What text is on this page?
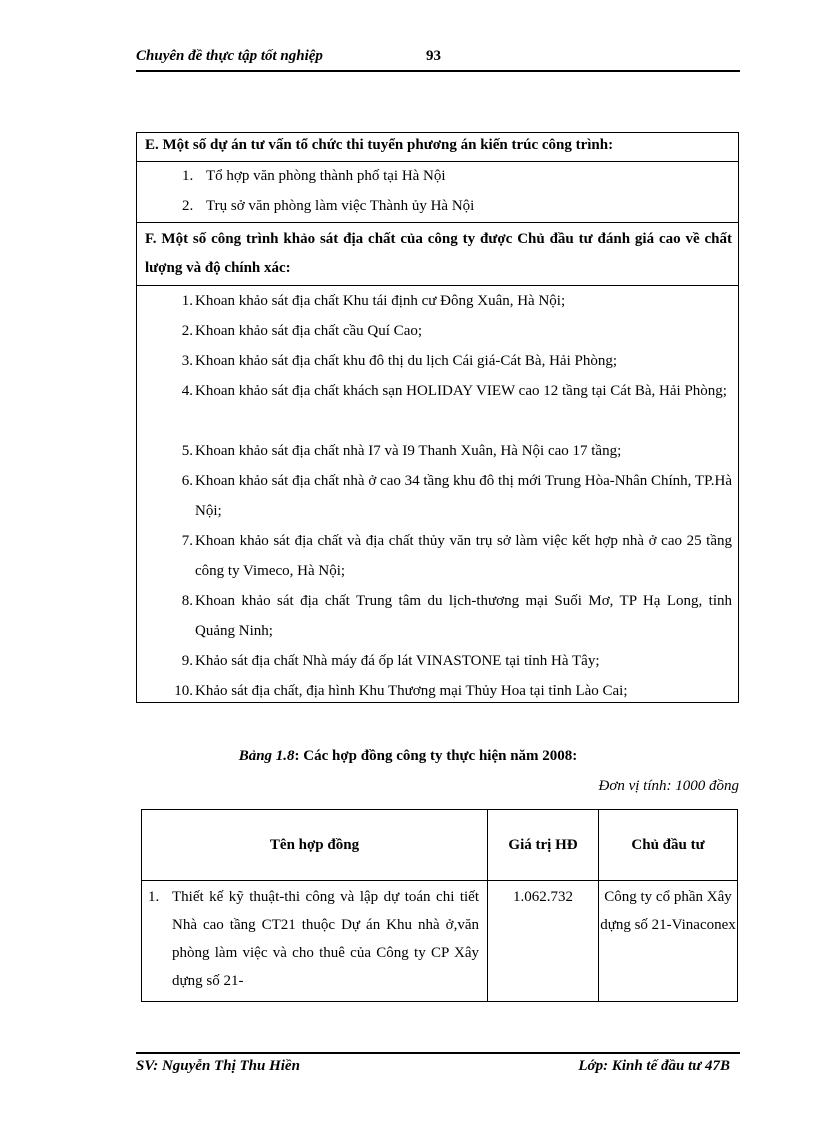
Chuyên đề thực tập tốt nghiệp	93
E. Một số dự án tư vấn tổ chức thi tuyển phương án kiến trúc công trình:
1. Tổ hợp văn phòng thành phố tại Hà Nội
2. Trụ sở văn phòng làm việc Thành ủy Hà Nội
F. Một số công trình khảo sát địa chất của công ty được Chủ đầu tư đánh giá cao về chất lượng và độ chính xác:
1. Khoan khảo sát địa chất Khu tái định cư Đông Xuân, Hà Nội;
2. Khoan khảo sát địa chất cầu Quí Cao;
3. Khoan khảo sát địa chất khu đô thị du lịch Cái giá-Cát Bà, Hải Phòng;
4. Khoan khảo sát địa chất khách sạn HOLIDAY VIEW cao 12 tầng tại Cát Bà, Hải Phòng;
5. Khoan khảo sát địa chất nhà I7 và I9 Thanh Xuân, Hà Nội cao 17 tầng;
6. Khoan khảo sát địa chất nhà ở cao 34 tầng khu đô thị mới Trung Hòa-Nhân Chính, TP.Hà Nội;
7. Khoan khảo sát địa chất và địa chất thủy văn trụ sở làm việc kết hợp nhà ở cao 25 tầng công ty Vimeco, Hà Nội;
8. Khoan khảo sát địa chất Trung tâm du lịch-thương mại Suối Mơ, TP Hạ Long, tỉnh Quảng Ninh;
9. Khảo sát địa chất Nhà máy đá ốp lát VINASTONE tại tỉnh Hà Tây;
10. Khảo sát địa chất, địa hình Khu Thương mại Thủy Hoa tại tỉnh Lào Cai;
Bảng 1.8: Các hợp đồng công ty thực hiện năm 2008:
Đơn vị tính: 1000 đồng
Tên hợp đồng	Giá trị HĐ	Chủ đầu tư

1. Thiết kế kỹ thuật-thi công và lập dự toán chi tiết Nhà cao tầng CT21 thuộc Dự án Khu nhà ở,văn phòng làm việc và cho thuê của Công ty CP Xây dựng số 21-	1.062.732	Công ty cổ phần Xây dựng số 21-Vinaconex
SV: Nguyễn Thị Thu Hiền	Lớp: Kinh tế đầu tư 47B
